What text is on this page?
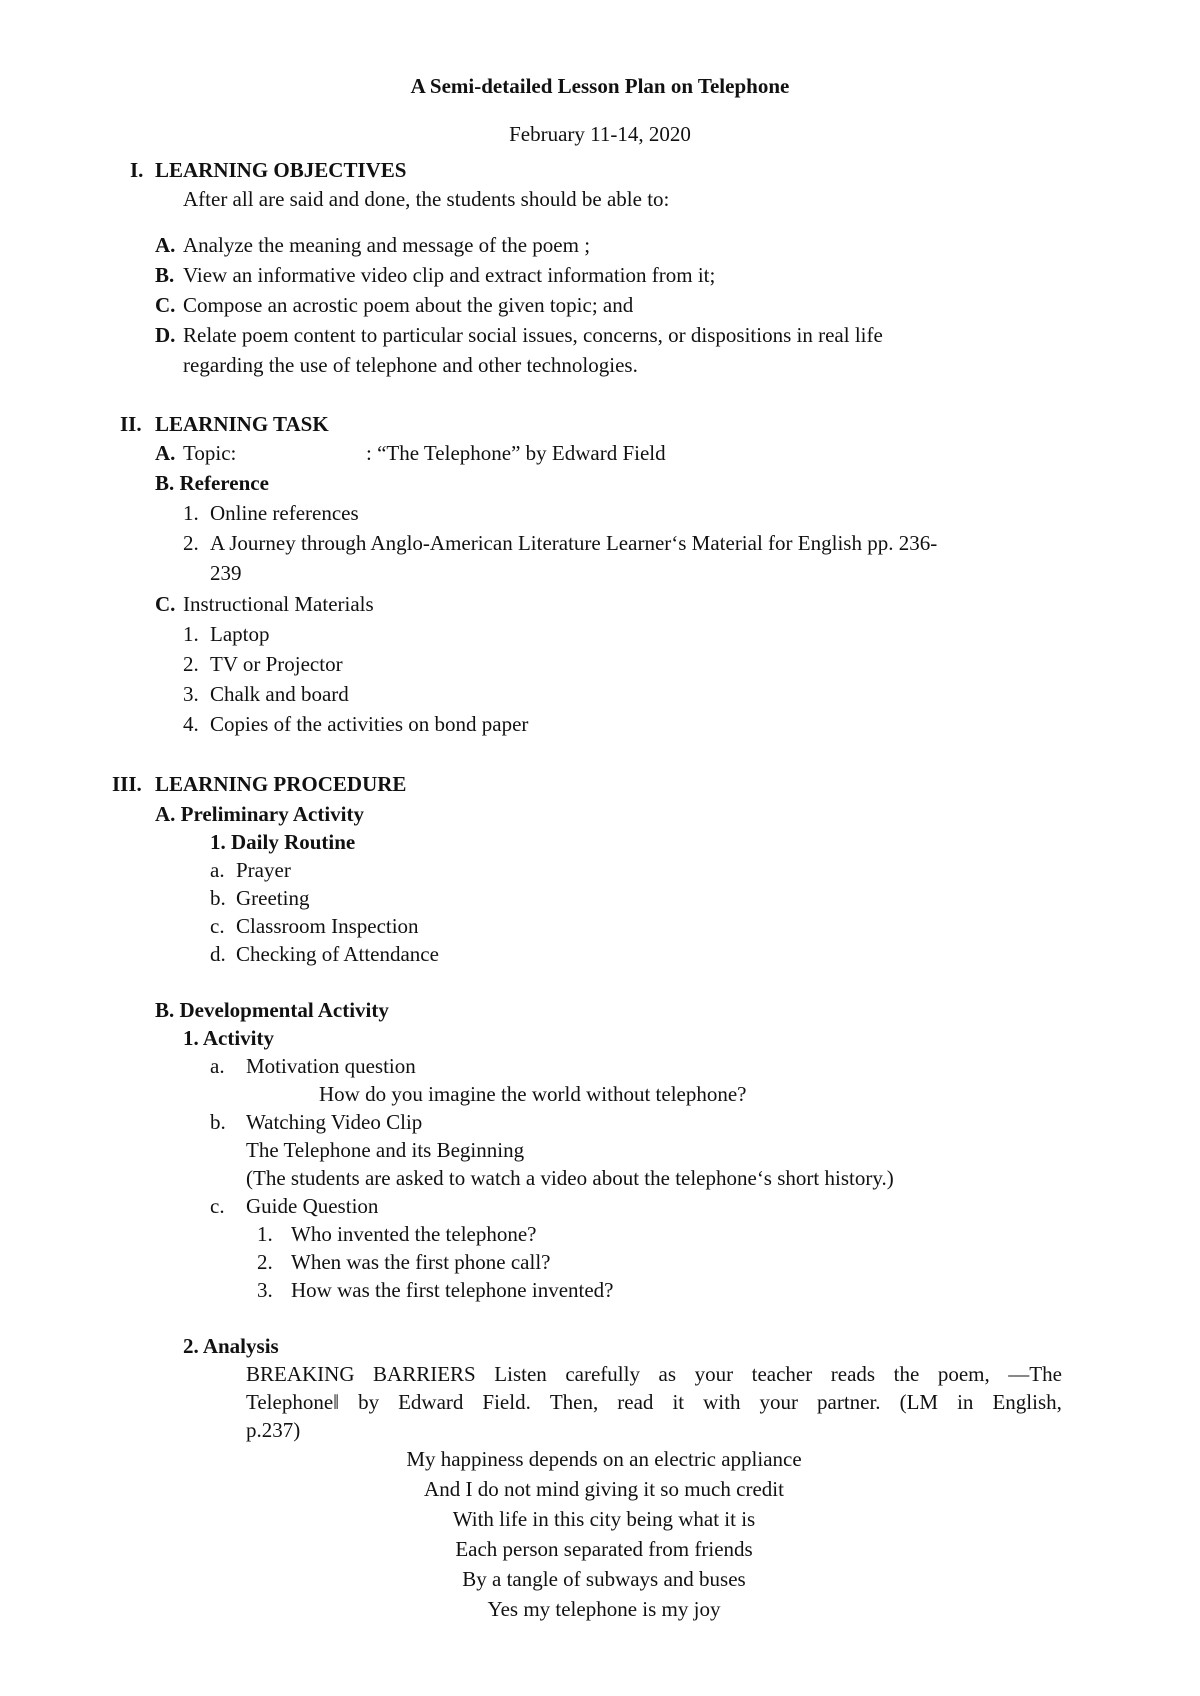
A Semi-detailed Lesson Plan on Telephone
February 11-14, 2020
I. LEARNING OBJECTIVES
After all are said and done, the students should be able to:
A. Analyze the meaning and message of the poem ;
B. View an informative video clip and extract information from it;
C. Compose an acrostic poem about the given topic; and
D. Relate poem content to particular social issues, concerns, or dispositions in real life
regarding the use of telephone and other technologies.
II. LEARNING TASK
A. Topic:	: “The Telephone” by Edward Field
B. Reference
1. Online references
2. A Journey through Anglo-American Literature Learner‘s Material for English pp. 236-
239
C. Instructional Materials
1. Laptop
2. TV or Projector
3. Chalk and board
4. Copies of the activities on bond paper
III. LEARNING PROCEDURE
A. Preliminary Activity
1. Daily Routine
a. Prayer
b. Greeting
c. Classroom Inspection
d. Checking of Attendance
B. Developmental Activity
1. Activity
a. Motivation question
How do you imagine the world without telephone?
b. Watching Video Clip
The Telephone and its Beginning
(The students are asked to watch a video about the telephone‘s short history.)
c. Guide Question
1. Who invented the telephone?
2. When was the first phone call?
3. How was the first telephone invented?
2. Analysis
BREAKING BARRIERS Listen carefully as your teacher reads the poem, ―The
Telephone‖ by Edward Field. Then, read it with your partner. (LM in English,
p.237)
My happiness depends on an electric appliance
And I do not mind giving it so much credit
With life in this city being what it is
Each person separated from friends
By a tangle of subways and buses
Yes my telephone is my joy
